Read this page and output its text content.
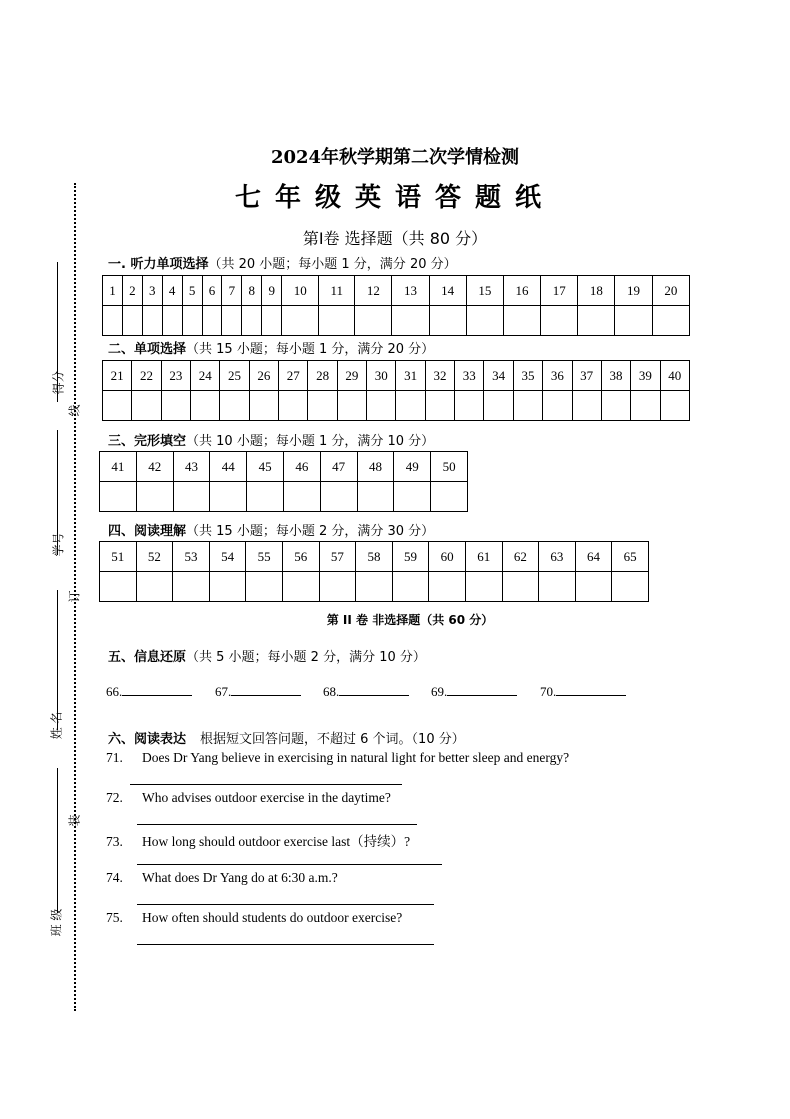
得分
线
学号
订
姓 名
装
班 级
2024年秋学期第二次学情检测
七年级英语答题纸
第Ⅰ卷 选择题（共 80 分）
一. 听力单项选择（共 20 小题；每小题 1 分，满分 20 分）
1	2	3	4	5	6	7	8	9	10	11	12	13	14	15	16	17	18	19	20

二、单项选择（共 15 小题；每小题 1 分，满分 20 分）
21	22	23	24	25	26	27	28	29	30	31	32	33	34	35	36	37	38	39	40

三、完形填空（共 10 小题；每小题 1 分，满分 10 分）
41	42	43	44	45	46	47	48	49	50

四、阅读理解（共 15 小题；每小题 2 分，满分 30 分）
51	52	53	54	55	56	57	58	59	60	61	62	63	64	65

第 II 卷 非选择题（共 60 分）
五、信息还原（共 5 小题；每小题 2 分，满分 10 分）
66.	67.	68.	69.	70.
六、阅读表达 根据短文回答问题，不超过 6 个词。（10 分）
71. Does Dr Yang believe in exercising in natural light for better sleep and energy?
72. Who advises outdoor exercise in the daytime?
73. How long should outdoor exercise last（持续）?
74. What does Dr Yang do at 6:30 a.m.?
75. How often should students do outdoor exercise?
